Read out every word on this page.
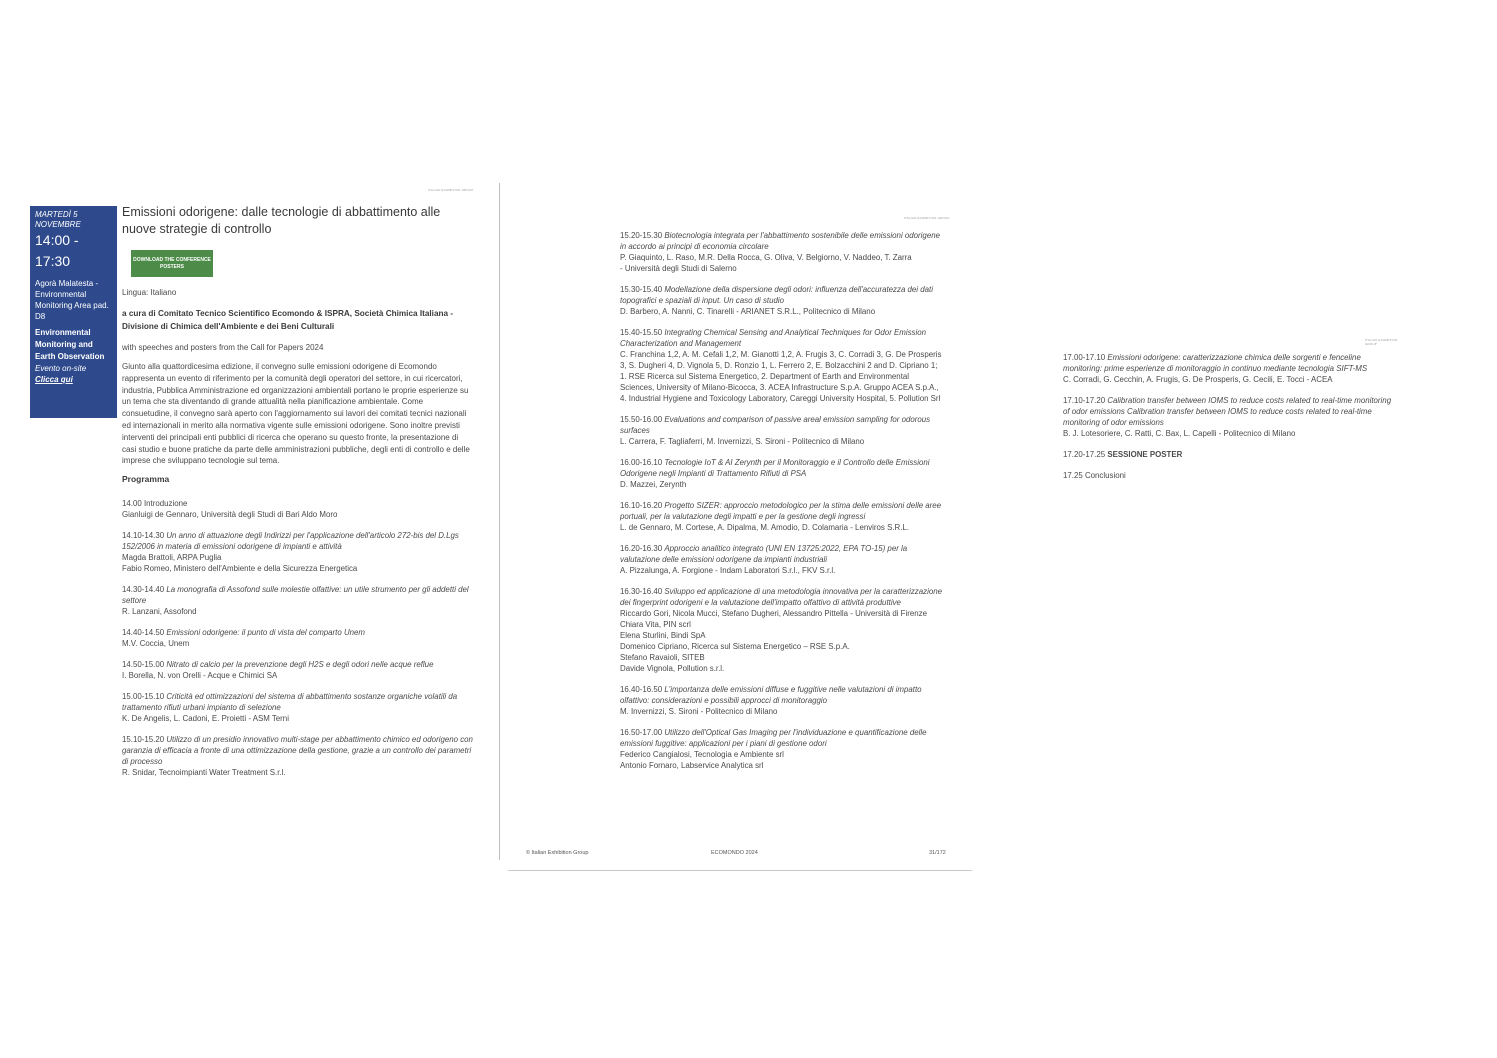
ITALIAN EXHIBITION GROUP
MARTEDÌ 5 NOVEMBRE
14:00 - 17:30
Agorà Malatesta - Environmental Monitoring Area pad. D8
Environmental Monitoring and Earth Observation
Evento on-site
Clicca qui
Emissioni odorigene: dalle tecnologie di abbattimento alle nuove strategie di controllo
DOWNLOAD THE CONFERENCE POSTERS
Lingua: Italiano
a cura di Comitato Tecnico Scientifico Ecomondo & ISPRA, Società Chimica Italiana - Divisione di Chimica dell'Ambiente e dei Beni Culturali
with speeches and posters from the Call for Papers 2024
Giunto alla quattordicesima edizione, il convegno sulle emissioni odorigene di Ecomondo rappresenta un evento di riferimento per la comunità degli operatori del settore, in cui ricercatori, industria, Pubblica Amministrazione ed organizzazioni ambientali portano le proprie esperienze su un tema che sta diventando di grande attualità nella pianificazione ambientale. Come consuetudine, il convegno sarà aperto con l'aggiornamento sui lavori dei comitati tecnici nazionali ed internazionali in merito alla normativa vigente sulle emissioni odorigene. Sono inoltre previsti interventi dei principali enti pubblici di ricerca che operano su questo fronte, la presentazione di casi studio e buone pratiche da parte delle amministrazioni pubbliche, degli enti di controllo e delle imprese che sviluppano tecnologie sul tema.
Programma
14.00 Introduzione
Gianluigi de Gennaro, Università degli Studi di Bari Aldo Moro
14.10-14.30 Un anno di attuazione degli Indirizzi per l'applicazione dell'articolo 272-bis del D.Lgs 152/2006 in materia di emissioni odorigene di impianti e attività
Magda Brattoli, ARPA Puglia
Fabio Romeo, Ministero dell'Ambiente e della Sicurezza Energetica
14.30-14.40 La monografia di Assofond sulle molestie olfattive: un utile strumento per gli addetti del settore
R. Lanzani, Assofond
14.40-14.50 Emissioni odorigene: il punto di vista del comparto Unem
M.V. Coccia, Unem
14.50-15.00 Nitrato di calcio per la prevenzione degli H2S e degli odori nelle acque reflue
I. Borella, N. von Orelli - Acque e Chimici SA
15.00-15.10 Criticità ed ottimizzazioni del sistema di abbattimento sostanze organiche volatili da trattamento rifiuti urbani impianto di selezione
K. De Angelis, L. Cadoni, E. Proietti - ASM Terni
15.10-15.20 Utilizzo di un presidio innovativo multi-stage per abbattimento chimico ed odorigeno con garanzia di efficacia a fronte di una ottimizzazione della gestione, grazie a un controllo dei parametri di processo
R. Snidar, Tecnoimpianti Water Treatment S.r.l.
ITALIAN EXHIBITION GROUP
15.20-15.30 Biotecnologia integrata per l'abbattimento sostenibile delle emissioni odorigene in accordo ai principi di economia circolare
P. Giaquinto, L. Raso, M.R. Della Rocca, G. Oliva, V. Belgiorno, V. Naddeo, T. Zarra
- Università degli Studi di Salerno
15.30-15.40 Modellazione della dispersione degli odori: influenza dell'accuratezza dei dati topografici e spaziali di input. Un caso di studio
D. Barbero, A. Nanni, C. Tinarelli - ARIANET S.R.L., Politecnico di Milano
15.40-15.50 Integrating Chemical Sensing and Analytical Techniques for Odor Emission Characterization and Management
C. Franchina 1,2, A. M. Cefali 1,2, M. Gianotti 1,2, A. Frugis 3, C. Corradi 3, G. De Prosperis 3, S. Dugheri 4, D. Vignola 5, D. Ronzio 1, L. Ferrero 2, E. Bolzacchini 2 and D. Cipriano 1; 1. RSE Ricerca sul Sistema Energetico, 2. Department of Earth and Environmental Sciences, University of Milano-Bicocca, 3. ACEA Infrastructure S.p.A. Gruppo ACEA S.p.A., 4. Industrial Hygiene and Toxicology Laboratory, Careggi University Hospital, 5. Pollution Srl
15.50-16.00 Evaluations and comparison of passive areal emission sampling for odorous surfaces
L. Carrera, F. Tagliaferri, M. Invernizzi, S. Sironi - Politecnico di Milano
16.00-16.10 Tecnologie IoT & AI Zerynth per il Monitoraggio e il Controllo delle Emissioni Odorigene negli Impianti di Trattamento Rifiuti di PSA
D. Mazzei, Zerynth
16.10-16.20 Progetto SIZER: approccio metodologico per la stima delle emissioni delle aree portuali, per la valutazione degli impatti e per la gestione degli ingressi
L. de Gennaro, M. Cortese, A. Dipalma, M. Amodio, D. Colamaria - Lenviros S.R.L.
16.20-16.30 Approccio analitico integrato (UNI EN 13725:2022, EPA TO-15) per la valutazione delle emissioni odorigene da impianti industriali
A. Pizzalunga, A. Forgione - Indam Laboratori S.r.l., FKV S.r.l.
16.30-16.40 Sviluppo ed applicazione di una metodologia innovativa per la caratterizzazione dei fingerprint odorigeni e la valutazione dell'impatto olfattivo di attività produttive
Riccardo Gori, Nicola Mucci, Stefano Dugheri, Alessandro Pittella - Università di Firenze
Chiara Vita, PIN scrl
Elena Sturlini, Bindi SpA
Domenico Cipriano, Ricerca sul Sistema Energetico – RSE S.p.A.
Stefano Ravaioli, SITEB
Davide Vignola, Pollution s.r.l.
16.40-16.50 L'importanza delle emissioni diffuse e fuggitive nelle valutazioni di impatto olfattivo: considerazioni e possibili approcci di monitoraggio
M. Invernizzi, S. Sironi - Politecnico di Milano
16.50-17.00 Utilizzo dell'Optical Gas Imaging per l'individuazione e quantificazione delle emissioni fuggitive: applicazioni per i piani di gestione odori
Federico Cangialosi, Tecnologia e Ambiente srl
Antonio Fornaro, Labservice Analytica srl
© Italian Exhibition Group	ECOMONDO 2024	31/172
ITALIAN EXHIBITION GROUP
17.00-17.10 Emissioni odorigene: caratterizzazione chimica delle sorgenti e fenceline monitoring: prime esperienze di monitoraggio in continuo mediante tecnologia SIFT-MS
C. Corradi, G. Cecchin, A. Frugis, G. De Prosperis, G. Cecili, E. Tocci - ACEA
17.10-17.20 Calibration transfer between IOMS to reduce costs related to real-time monitoring of odor emissions Calibration transfer between IOMS to reduce costs related to real-time monitoring of odor emissions
B. J. Lotesoriere, C. Ratti, C. Bax, L. Capelli - Politecnico di Milano
17.20-17.25 SESSIONE POSTER
17.25 Conclusioni
